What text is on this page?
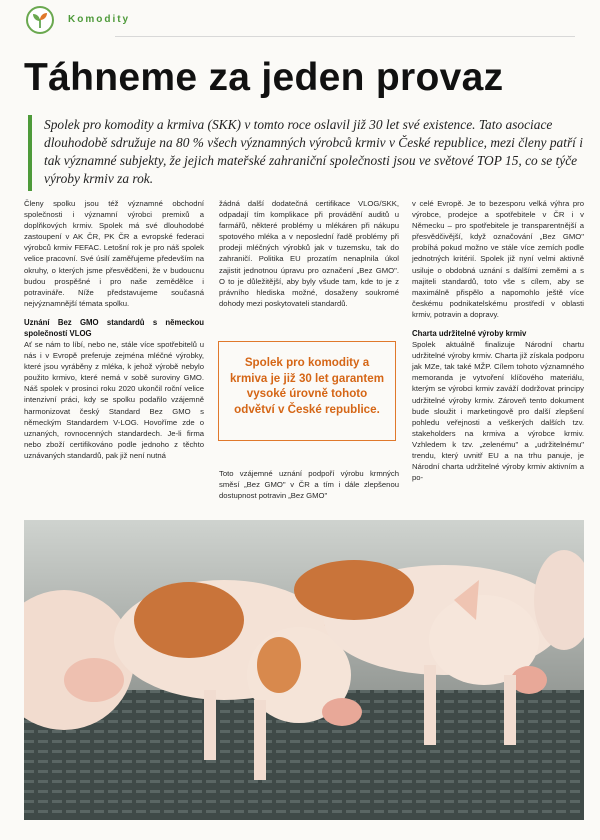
Komodity
Táhneme za jeden provaz

Spolek pro komodity a krmiva (SKK) v tomto roce oslavil již 30 let své existence. Tato asociace dlouhodobě sdružuje na 80 % všech významných výrobců krmiv v České republice, mezi členy patří i tak významné subjekty, že jejich mateřské zahraniční společnosti jsou ve světové TOP 15, co se týče výroby krmiv za rok.

Členy spolku jsou též významné obchodní společnosti i významní výrobci premixů a doplňkových krmiv. Spolek má své dlouhodobé zastoupení v AK ČR, PK ČR a evropské federaci výrobců krmiv FEFAC. Letošní rok je pro náš spolek velice pracovní. Své úsilí zaměřujeme především na okruhy, o kterých jsme přesvědčeni, že v budoucnu budou prospěšné i pro naše zemědělce i potravináře. Níže představujeme současná nejvýznamnější témata spolku.

Uznání Bez GMO standardů s německou společností VLOG

Ať se nám to líbí, nebo ne, stále více spotřebitelů u nás i v Evropě preferuje zejména mléčné výrobky, které jsou vyráběny z mléka, k jehož výrobě nebylo použito krmivo, které nemá v sobě suroviny GMO. Náš spolek v prosinci roku 2020 ukončil roční velice intenzivní práci, kdy se spolku podařilo vzájemně harmonizovat český Standard Bez GMO s německým Standardem V-LOG. Hovoříme zde o uznaných, rovnocenných standardech. Je-li firma nebo zboží certifikováno podle jednoho z těchto uznávaných standardů, pak již není nutná

žádná další dodatečná certifikace VLOG/SKK, odpadají tím komplikace při provádění auditů u farmářů, některé problémy u mlékáren při nákupu spotového mléka a v neposlední řadě problémy při prodeji mléčných výrobků jak v tuzemsku, tak do zahraničí. Politika EU prozatím nenaplnila úkol zajistit jednotnou úpravu pro označení „Bez GMO". O to je důležitější, aby byly všude tam, kde to je z právního hlediska možné, dosaženy soukromé dohody mezi poskytovateli standardů.

Spolek pro komodity a krmiva je již 30 let garantem vysoké úrovně tohoto odvětví v České republice.

Toto vzájemné uznání podpoří výrobu krmných směsí „Bez GMO" v ČR a tím i dále zlepšenou dostupnost potravin „Bez GMO"

v celé Evropě. Je to bezesporu velká výhra pro výrobce, prodejce a spotřebitele v ČR i v Německu – pro spotřebitele je transparentnější a přesvědčivější, když označování „Bez GMO" probíhá pokud možno ve stále více zemích podle jednotných kritérií. Spolek již nyní velmi aktivně usiluje o obdobná uznání s dalšími zeměmi a s majiteli standardů, toto vše s cílem, aby se maximálně přispělo a napomohlo ještě více českému podnikatelskému prostředí v oblasti krmiv, potravin a dopravy.

Charta udržitelné výroby krmiv

Spolek aktuálně finalizuje Národní chartu udržitelné výroby krmiv. Charta již získala podporu jak MZe, tak také MŽP. Cílem tohoto významného memoranda je vytvoření klíčového materiálu, kterým se výrobci krmiv zaváží dodržovat principy udržitelné výroby krmiv. Zároveň tento dokument bude sloužit i marketingově pro další zlepšení pohledu veřejnosti a veškerých dalších tzv. stakeholders na krmiva a výrobce krmiv. Vzhledem k tzv. „zelenému" a „udržitelnému" trendu, který uvnitř EU a na trhu panuje, je Národní charta udržitelné výroby krmiv aktivním a po-
